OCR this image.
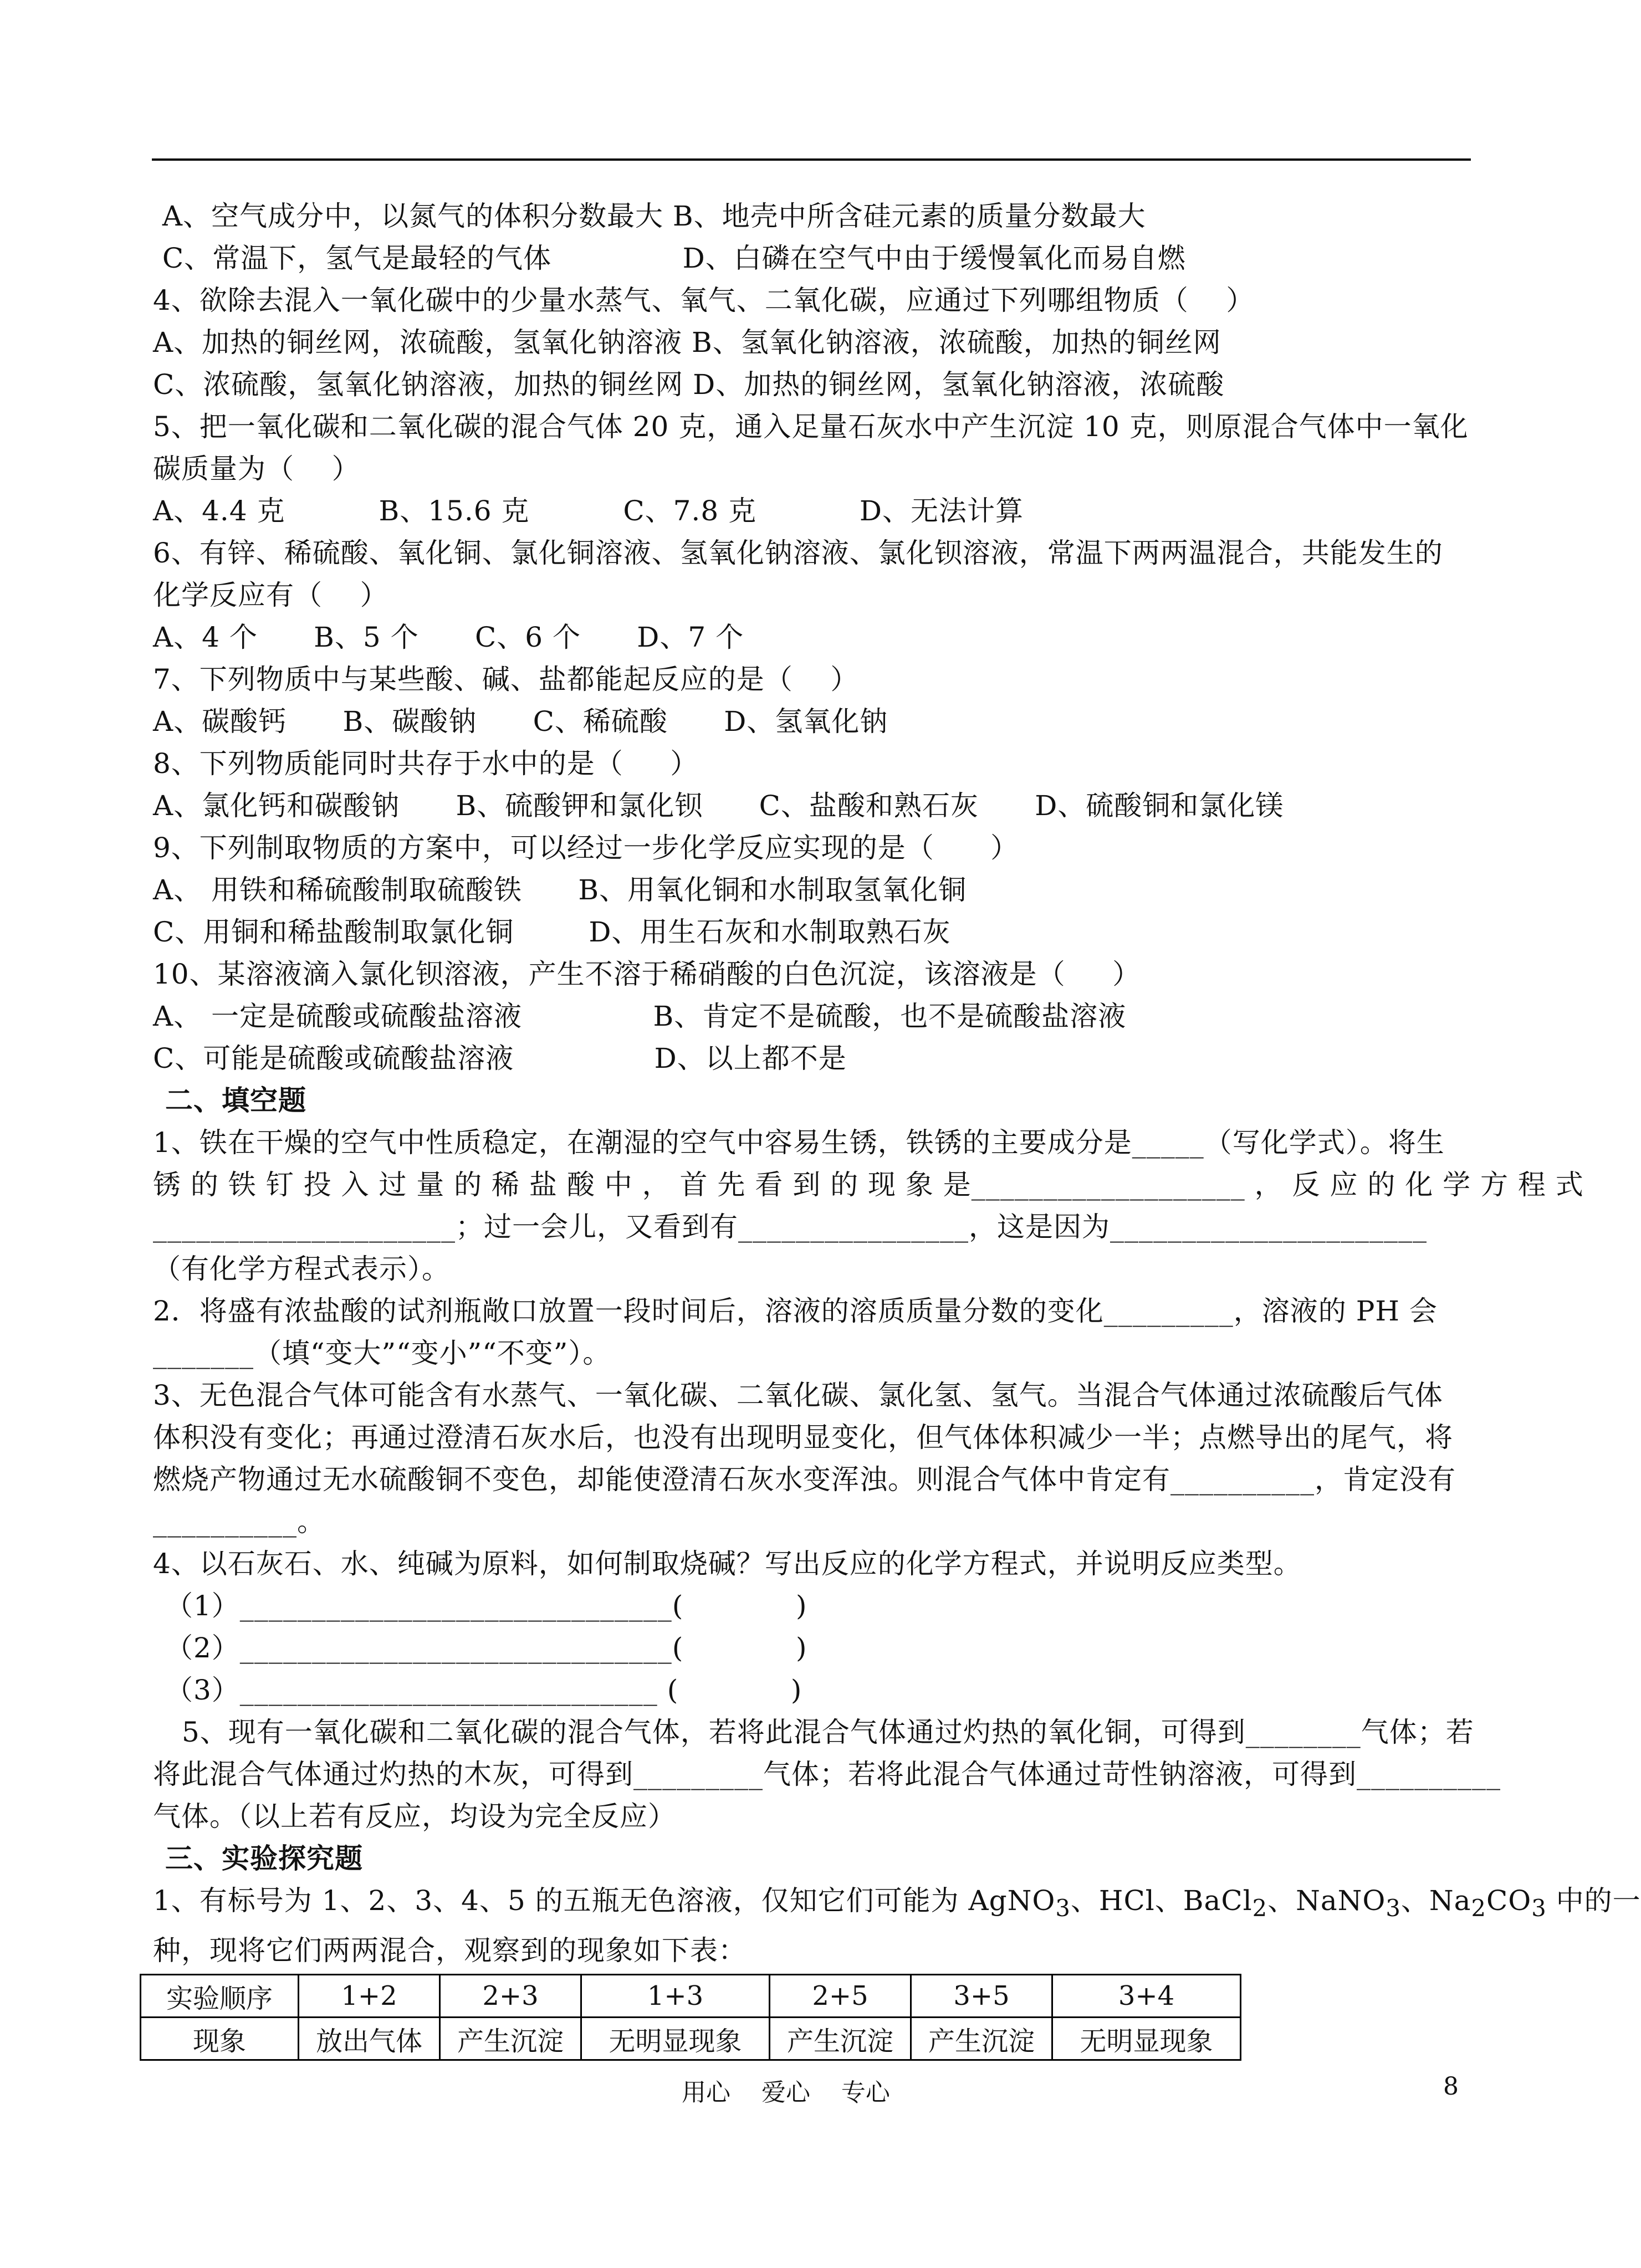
A、空气成分中，以氮气的体积分数最大 B、地壳中所含硅元素的质量分数最大
C、常温下，氢气是最轻的气体              D、白磷在空气中由于缓慢氧化而易自燃
4、欲除去混入一氧化碳中的少量水蒸气、氧气、二氧化碳，应通过下列哪组物质（    ）
A、加热的铜丝网，浓硫酸，氢氧化钠溶液 B、氢氧化钠溶液，浓硫酸，加热的铜丝网
C、浓硫酸，氢氧化钠溶液，加热的铜丝网 D、加热的铜丝网，氢氧化钠溶液，浓硫酸
5、把一氧化碳和二氧化碳的混合气体 20 克，通入足量石灰水中产生沉淀 10 克，则原混合气体中一氧化
碳质量为（    ）
A、4.4 克          B、15.6 克          C、7.8 克           D、无法计算
6、有锌、稀硫酸、氧化铜、氯化铜溶液、氢氧化钠溶液、氯化钡溶液，常温下两两温混合，共能发生的
化学反应有（    ）
A、4 个      B、5 个      C、6 个      D、7 个
7、下列物质中与某些酸、碱、盐都能起反应的是（    ）
A、碳酸钙      B、碳酸钠      C、稀硫酸      D、氢氧化钠
8、下列物质能同时共存于水中的是（     ）
A、氯化钙和碳酸钠      B、硫酸钾和氯化钡      C、盐酸和熟石灰      D、硫酸铜和氯化镁
9、下列制取物质的方案中，可以经过一步化学反应实现的是（      ）
A、 用铁和稀硫酸制取硫酸铁      B、用氧化铜和水制取氢氧化铜
C、用铜和稀盐酸制取氯化铜        D、用生石灰和水制取熟石灰
10、某溶液滴入氯化钡溶液，产生不溶于稀硝酸的白色沉淀，该溶液是（     ）
A、 一定是硫酸或硫酸盐溶液              B、肯定不是硫酸，也不是硫酸盐溶液
C、可能是硫酸或硫酸盐溶液               D、以上都不是
二、填空题
1、铁在干燥的空气中性质稳定，在潮湿的空气中容易生锈，铁锈的主要成分是_____（写化学式）。将生
锈 的 铁 钉 投 入 过 量 的 稀 盐 酸 中 ， 首 先 看 到 的 现 象 是___________________ ， 反 应 的 化 学 方 程 式
_____________________；过一会儿，又看到有________________，这是因为______________________
（有化学方程式表示）。
2．将盛有浓盐酸的试剂瓶敞口放置一段时间后，溶液的溶质质量分数的变化_________，溶液的 PH 会
_______（填“变大”“变小”“不变”）。
3、无色混合气体可能含有水蒸气、一氧化碳、二氧化碳、氯化氢、氢气。当混合气体通过浓硫酸后气体
体积没有变化；再通过澄清石灰水后，也没有出现明显变化，但气体体积减少一半；点燃导出的尾气，将
燃烧产物通过无水硫酸铜不变色，却能使澄清石灰水变浑浊。则混合气体中肯定有__________，肯定没有
__________。
4、以石灰石、水、纯碱为原料，如何制取烧碱？写出反应的化学方程式，并说明反应类型。
（1）______________________________(            )
（2）______________________________(            )
（3）_____________________________ (            )
5、现有一氧化碳和二氧化碳的混合气体，若将此混合气体通过灼热的氧化铜，可得到________气体；若
将此混合气体通过灼热的木灰，可得到_________气体；若将此混合气体通过苛性钠溶液，可得到__________
气体。（以上若有反应，均设为完全反应）
三、实验探究题
1、有标号为 1、2、3、4、5 的五瓶无色溶液，仅知它们可能为 AgNO$_3$、HCl、BaCl$_2$、NaNO$_3$、$Na_2CO_3$ 中的一
种，现将它们两两混合，观察到的现象如下表：
实验顺序	1+2	2+3	1+3	2+5	3+5	3+4
现象	放出气体	产生沉淀	无明显现象	产生沉淀	产生沉淀	无明显现象
用心    爱心    专心	8
